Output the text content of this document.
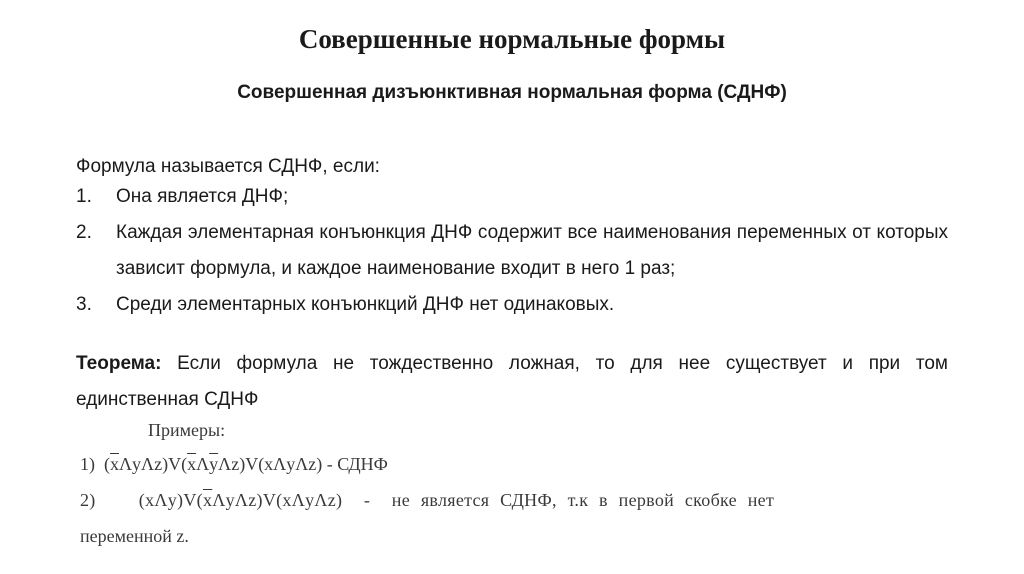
Совершенные нормальные формы
Совершенная дизъюнктивная нормальная форма (СДНФ)
Формула называется СДНФ, если:
1.	Она является ДНФ;
2.	Каждая элементарная конъюнкция ДНФ содержит все наименования переменных от которых зависит формула, и каждое наименование входит в него 1 раз;
3.	Среди элементарных конъюнкций ДНФ нет одинаковых.
Теорема: Если формула не тождественно ложная, то для нее существует и при том единственная СДНФ
Примеры:
1)  $(\overline{x}\Lambda y\Lambda z)V(\overline{x}\Lambda\overline{y}\Lambda z)V(x\Lambda y\Lambda z)$ - СДНФ
2)    $(x\Lambda y)V(\overline{x}\Lambda y\Lambda z)V(x\Lambda y\Lambda z)$  -  не является СДНФ, т.к в первой скобке нет
переменной z.
